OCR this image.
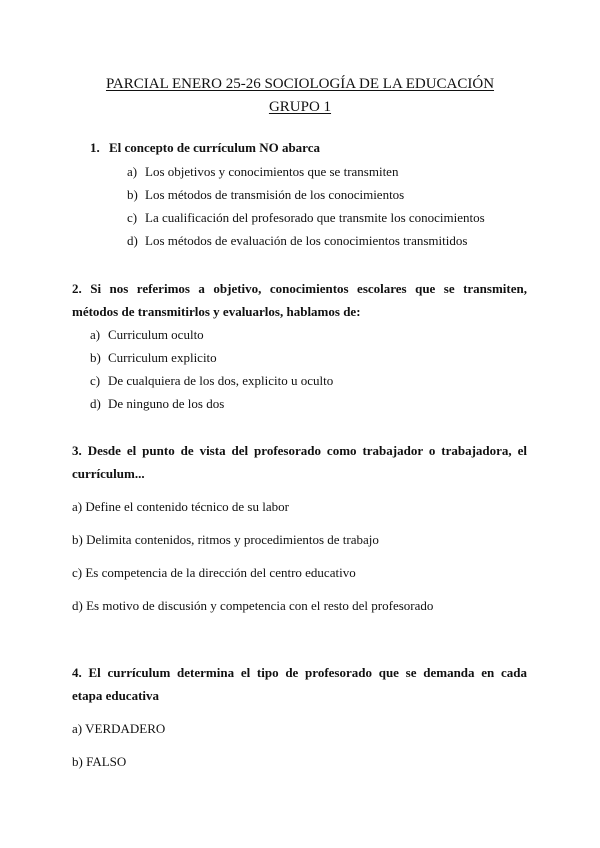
PARCIAL ENERO 25-26 SOCIOLOGÍA DE LA EDUCACIÓN
GRUPO 1
1. El concepto de currículum NO abarca
a) Los objetivos y conocimientos que se transmiten
b) Los métodos de transmisión de los conocimientos
c) La cualificación del profesorado que transmite los conocimientos
d) Los métodos de evaluación de los conocimientos transmitidos
2. Si nos referimos a objetivo, conocimientos escolares que se transmiten,
métodos de transmitirlos y evaluarlos, hablamos de:
a) Curriculum oculto
b) Curriculum explicito
c) De cualquiera de los dos, explicito u oculto
d) De ninguno de los dos
3. Desde el punto de vista del profesorado como trabajador o trabajadora, el
currículum...
a) Define el contenido técnico de su labor
b) Delimita contenidos, ritmos y procedimientos de trabajo
c) Es competencia de la dirección del centro educativo
d) Es motivo de discusión y competencia con el resto del profesorado
4. El currículum determina el tipo de profesorado que se demanda en cada
etapa educativa
a) VERDADERO
b) FALSO
